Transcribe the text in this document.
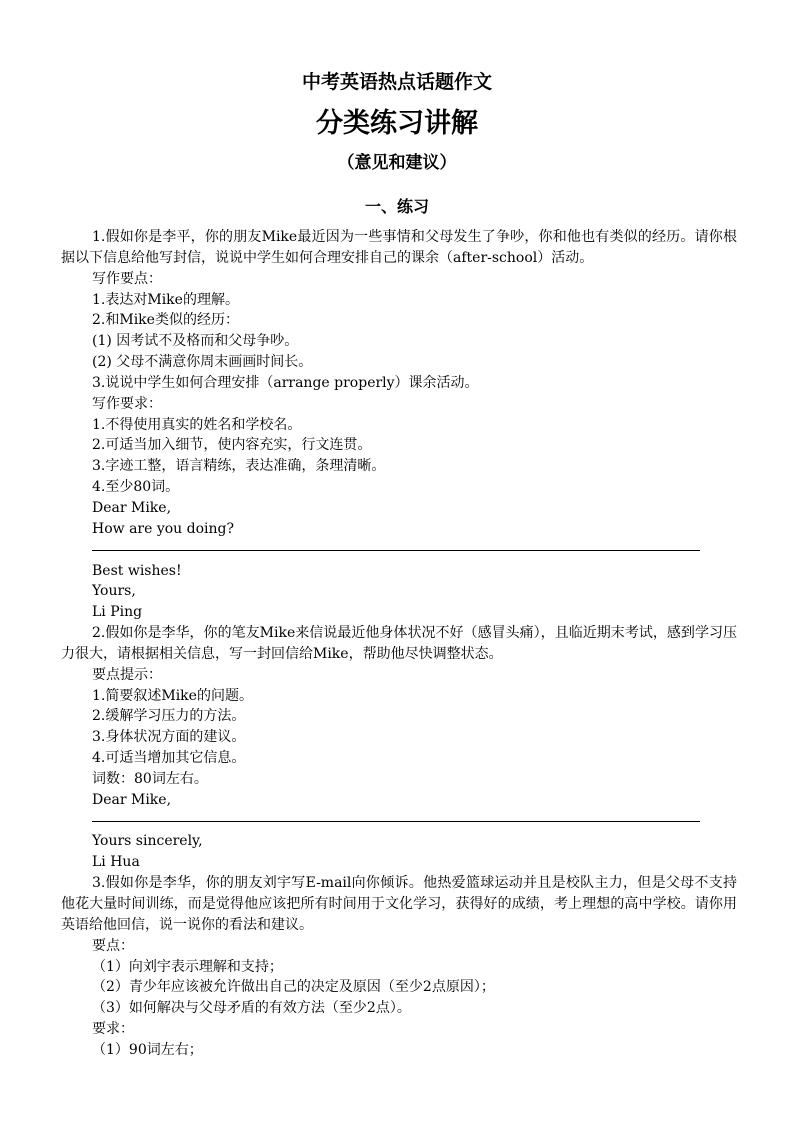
中考英语热点话题作文
分类练习讲解
（意见和建议）
一、练习
1.假如你是李平，你的朋友Mike最近因为一些事情和父母发生了争吵，你和他也有类似的经历。请你根据以下信息给他写封信，说说中学生如何合理安排自己的课余（after-school）活动。
写作要点：
1.表达对Mike的理解。
2.和Mike类似的经历：
(1) 因考试不及格而和父母争吵。
(2) 父母不满意你周末画画时间长。
3.说说中学生如何合理安排（arrange properly）课余活动。
写作要求：
1.不得使用真实的姓名和学校名。
2.可适当加入细节，使内容充实，行文连贯。
3.字迹工整，语言精练，表达准确，条理清晰。
4.至少80词。
Dear Mike,
How are you doing?
Best wishes!
Yours,
Li Ping
2.假如你是李华，你的笔友Mike来信说最近他身体状况不好（感冒头痛），且临近期末考试，感到学习压力很大，请根据相关信息，写一封回信给Mike，帮助他尽快调整状态。
要点提示：
1.简要叙述Mike的问题。
2.缓解学习压力的方法。
3.身体状况方面的建议。
4.可适当增加其它信息。
词数：80词左右。
Dear Mike,
Yours sincerely,
Li Hua
3.假如你是李华，你的朋友刘宇写E-mail向你倾诉。他热爱篮球运动并且是校队主力，但是父母不支持他花大量时间训练，而是觉得他应该把所有时间用于文化学习，获得好的成绩，考上理想的高中学校。请你用英语给他回信，说一说你的看法和建议。
要点：
（1）向刘宇表示理解和支持；
（2）青少年应该被允许做出自己的决定及原因（至少2点原因）；
（3）如何解决与父母矛盾的有效方法（至少2点）。
要求：
（1）90词左右；
